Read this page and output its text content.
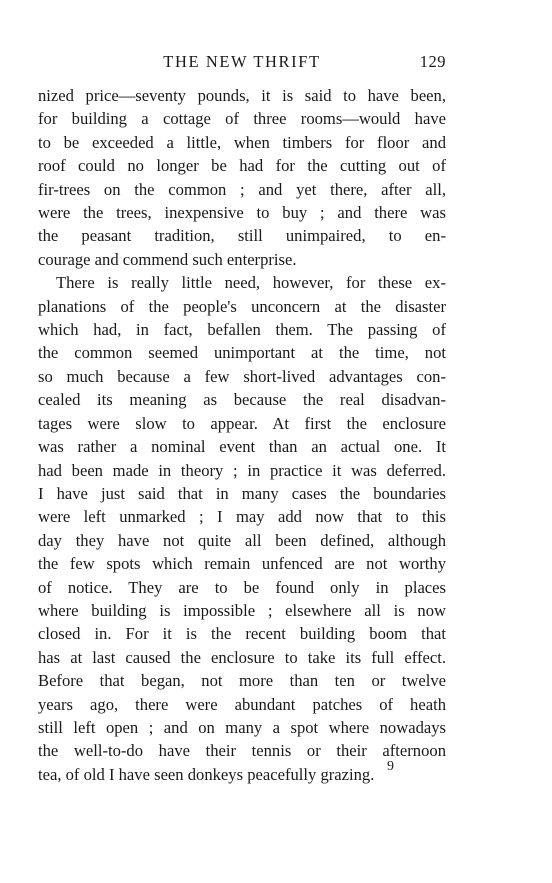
THE NEW THRIFT	129
nized price—seventy pounds, it is said to have been,
for building a cottage of three rooms—would have
to be exceeded a little, when timbers for floor and
roof could no longer be had for the cutting out of
fir-trees on the common ; and yet there, after all,
were the trees, inexpensive to buy ; and there was
the peasant tradition, still unimpaired, to en-
courage and commend such enterprise.
There is really little need, however, for these ex-
planations of the people's unconcern at the disaster
which had, in fact, befallen them. The passing of
the common seemed unimportant at the time, not
so much because a few short-lived advantages con-
cealed its meaning as because the real disadvan-
tages were slow to appear. At first the enclosure
was rather a nominal event than an actual one. It
had been made in theory ; in practice it was deferred.
I have just said that in many cases the boundaries
were left unmarked ; I may add now that to this
day they have not quite all been defined, although
the few spots which remain unfenced are not worthy
of notice. They are to be found only in places
where building is impossible ; elsewhere all is now
closed in. For it is the recent building boom that
has at last caused the enclosure to take its full effect.
Before that began, not more than ten or twelve
years ago, there were abundant patches of heath
still left open ; and on many a spot where nowadays
the well-to-do have their tennis or their afternoon
tea, of old I have seen donkeys peacefully grazing. 9
